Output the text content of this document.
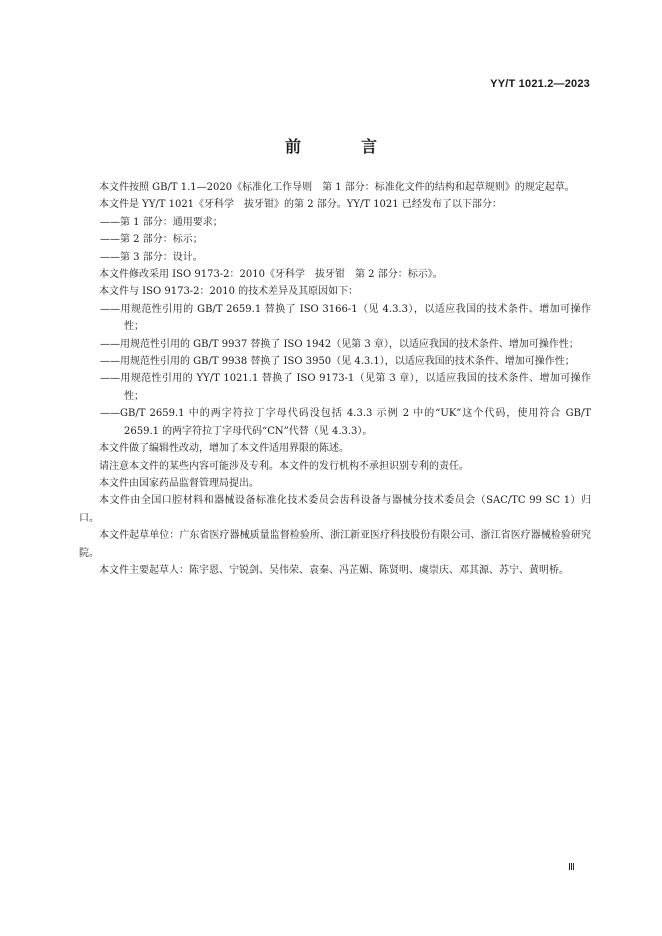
YY/T 1021.2—2023
前　言

本文件按照 GB/T 1.1—2020《标准化工作导则　第 1 部分：标准化文件的结构和起草规则》的规定起草。

本文件是 YY/T 1021《牙科学　拔牙钳》的第 2 部分。YY/T 1021 已经发布了以下部分：

——第 1 部分：通用要求；

——第 2 部分：标示；

——第 3 部分：设计。

本文件修改采用 ISO 9173-2：2010《牙科学　拔牙钳　第 2 部分：标示》。

本文件与 ISO 9173-2：2010 的技术差异及其原因如下：

——用规范性引用的 GB/T 2659.1 替换了 ISO 3166-1（见 4.3.3），以适应我国的技术条件、增加可操作性；

——用规范性引用的 GB/T 9937 替换了 ISO 1942（见第 3 章），以适应我国的技术条件、增加可操作性；

——用规范性引用的 GB/T 9938 替换了 ISO 3950（见 4.3.1），以适应我国的技术条件、增加可操作性；

——用规范性引用的 YY/T 1021.1 替换了 ISO 9173-1（见第 3 章），以适应我国的技术条件、增加可操作性；

——GB/T 2659.1 中的两字符拉丁字母代码没包括 4.3.3 示例 2 中的“UK”这个代码，使用符合 GB/T 2659.1 的两字符拉丁字母代码“CN”代替（见 4.3.3）。

本文件做了编辑性改动，增加了本文件适用界限的陈述。

请注意本文件的某些内容可能涉及专利。本文件的发行机构不承担识别专利的责任。

本文件由国家药品监督管理局提出。

本文件由全国口腔材料和器械设备标准化技术委员会齿科设备与器械分技术委员会（SAC/TC 99 SC 1）归口。

本文件起草单位：广东省医疗器械质量监督检验所、浙江新亚医疗科技股份有限公司、浙江省医疗器械检验研究院。

本文件主要起草人：陈宇恩、宁锐剑、吴伟荣、袁秦、冯芷媚、陈贤明、虞崇庆、邓其源、苏宁、黄明桥。

Ⅲ
